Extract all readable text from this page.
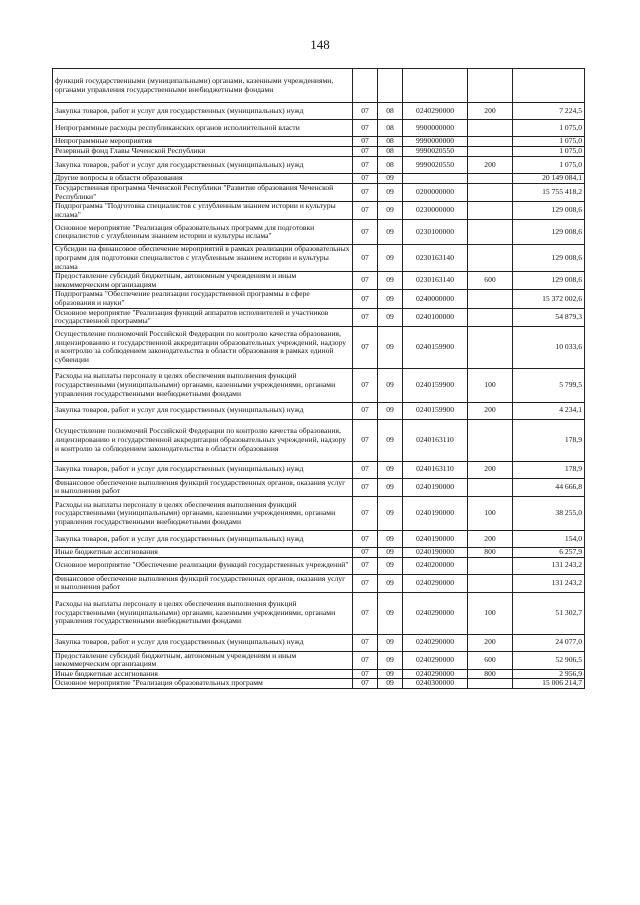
148
функций государственными (муниципальными) органами, казенными учреждениями, органами управления государственными внебюджетными фондами					
Закупка товаров, работ и услуг для государственных (муниципальных) нужд	07	08	0240290000	200	7 224,5
Непрограммные расходы республиканских органов исполнительной власти	07	08	9900000000		1 075,0
Непрограммные мероприятия	07	08	9990000000		1 075,0
Резервный фонд Главы Чеченской Республики	07	08	9990020550		1 075,0
Закупка товаров, работ и услуг для государственных (муниципальных) нужд	07	08	9990020550	200	1 075,0
Другие вопросы в области образования	07	09			20 149 084,1
Государственная программа Чеченской Республики "Развитие образования Чеченской Республики"	07	09	0200000000		15 755 418,2
Подпрограмма "Подготовка специалистов с углубленным знанием истории и культуры ислама"	07	09	0230000000		129 008,6
Основное мероприятие "Реализация образовательных программ для подготовки специалистов с углубленным знанием истории и культуры ислама"	07	09	0230100000		129 008,6
Субсидии на финансовое обеспечение мероприятий в рамках реализации образовательных программ для подготовки специалистов с углубленным знанием истории и культуры ислама	07	09	0230163140		129 008,6
Предоставление субсидий бюджетным, автономным учреждениям и иным некоммерческим организациям	07	09	0230163140	600	129 008,6
Подпрограмма "Обеспечение реализации государственной программы в сфере образования и науки"	07	09	0240000000		15 372 002,6
Основное мероприятие "Реализация функций аппаратов исполнителей и участников государственной программы"	07	09	0240100000		54 879,3
Осуществление полномочий Российской Федерации по контролю качества образования, лицензированию и государственной аккредитации образовательных учреждений, надзору и контролю за соблюдением законодательства в области образования в рамках единой субвенции	07	09	0240159900		10 033,6
Расходы на выплаты персоналу в целях обеспечения выполнения функций государственными (муниципальными) органами, казенными учреждениями, органами управления государственными внебюджетными фондами	07	09	0240159900	100	5 799,5
Закупка товаров, работ и услуг для государственных (муниципальных) нужд	07	09	0240159900	200	4 234,1
Осуществление полномочий Российской Федерации по контролю качества образования, лицензированию и государственной аккредитации образовательных учреждений, надзору и контролю за соблюдением законодательства в области образования	07	09	0240163110		178,9
Закупка товаров, работ и услуг для государственных (муниципальных) нужд	07	09	0240163110	200	178,9
Финансовое обеспечение выполнения функций государственных органов, оказания услуг и выполнения работ	07	09	0240190000		44 666,8
Расходы на выплаты персоналу в целях обеспечения выполнения функций государственными (муниципальными) органами, казенными учреждениями, органами управления государственными внебюджетными фондами	07	09	0240190000	100	38 255,0
Закупка товаров, работ и услуг для государственных (муниципальных) нужд	07	09	0240190000	200	154,0
Иные бюджетные ассигнования	07	09	0240190000	800	6 257,9
Основное мероприятие "Обеспечение реализации функций государственных учреждений"	07	09	0240200000		131 243,2
Финансовое обеспечение выполнения функций государственных органов, оказания услуг и выполнения работ	07	09	0240290000		131 243,2
Расходы на выплаты персоналу в целях обеспечения выполнения функций государственными (муниципальными) органами, казенными учреждениями, органами управления государственными внебюджетными фондами	07	09	0240290000	100	51 302,7
Закупка товаров, работ и услуг для государственных (муниципальных) нужд	07	09	0240290000	200	24 077,0
Предоставление субсидий бюджетным, автономным учреждениям и иным некоммерческим организациям	07	09	0240290000	600	52 906,5
Иные бюджетные ассигнования	07	09	0240290000	800	2 956,9
Основное мероприятие "Реализация образовательных программ	07	09	0240300000		15 006 214,7
